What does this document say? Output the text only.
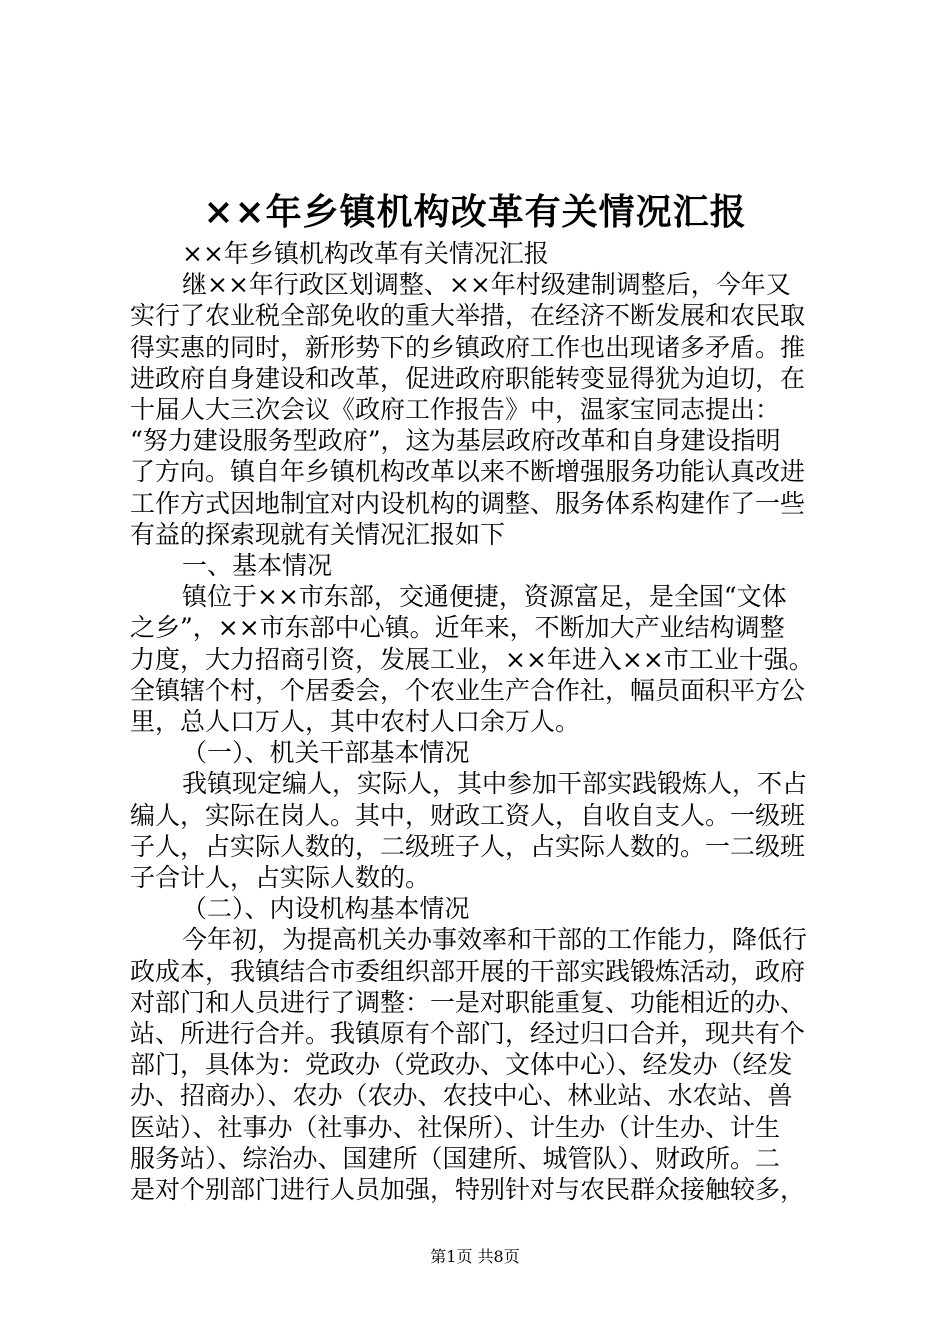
××年乡镇机构改革有关情况汇报

××年乡镇机构改革有关情况汇报

继××年行政区划调整、××年村级建制调整后，今年又

实行了农业税全部免收的重大举措，在经济不断发展和农民取

得实惠的同时，新形势下的乡镇政府工作也出现诸多矛盾。推

进政府自身建设和改革，促进政府职能转变显得犹为迫切，在

十届人大三次会议《政府工作报告》中，温家宝同志提出：

“努力建设服务型政府”，这为基层政府改革和自身建设指明

了方向。镇自年乡镇机构改革以来不断增强服务功能认真改进

工作方式因地制宜对内设机构的调整、服务体系构建作了一些

有益的探索现就有关情况汇报如下

一、基本情况

镇位于××市东部，交通便捷，资源富足，是全国“文体

之乡”，××市东部中心镇。近年来，不断加大产业结构调整

力度，大力招商引资，发展工业，××年进入××市工业十强。

全镇辖个村，个居委会，个农业生产合作社，幅员面积平方公

里，总人口万人，其中农村人口余万人。

（一）、机关干部基本情况

我镇现定编人，实际人，其中参加干部实践锻炼人，不占

编人，实际在岗人。其中，财政工资人，自收自支人。一级班

子人，占实际人数的，二级班子人，占实际人数的。一二级班

子合计人，占实际人数的。

（二）、内设机构基本情况

今年初，为提高机关办事效率和干部的工作能力，降低行

政成本，我镇结合市委组织部开展的干部实践锻炼活动，政府

对部门和人员进行了调整：一是对职能重复、功能相近的办、

站、所进行合并。我镇原有个部门，经过归口合并，现共有个

部门，具体为：党政办（党政办、文体中心）、经发办（经发

办、招商办）、农办（农办、农技中心、林业站、水农站、兽

医站）、社事办（社事办、社保所）、计生办（计生办、计生

服务站）、综治办、国建所（国建所、城管队）、财政所。二

是对个别部门进行人员加强，特别针对与农民群众接触较多，

第1页 共8页
